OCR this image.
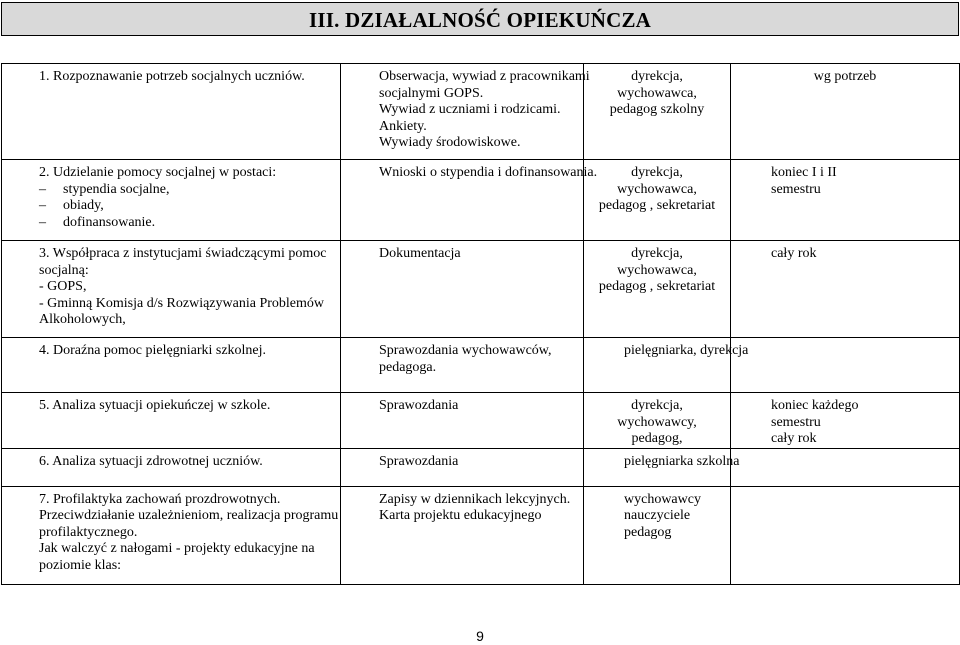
III. DZIAŁALNOŚĆ OPIEKUŃCZA
1. Rozpoznawanie potrzeb socjalnych uczniów.	Obserwacja, wywiad z pracownikami
socjalnymi GOPS.
Wywiad z uczniami i rodzicami.
Ankiety.
Wywiady środowiskowe.	dyrekcja,
wychowawca,
pedagog szkolny	wg potrzeb

2. Udzielanie pomocy socjalnej w postaci:
– stypendia socjalne,
– obiady,
– dofinansowanie.	Wnioski o stypendia i dofinansowania.	dyrekcja,
wychowawca,
pedagog , sekretariat	koniec I i II
semestru

3. Współpraca z instytucjami świadczącymi pomoc
socjalną:
- GOPS,
- Gminną Komisja d/s Rozwiązywania Problemów
Alkoholowych,	Dokumentacja	dyrekcja,
wychowawca,
pedagog , sekretariat	cały rok

4. Doraźna pomoc pielęgniarki szkolnej.	Sprawozdania wychowawców,
pedagoga.	pielęgniarka, dyrekcja	

5. Analiza sytuacji opiekuńczej w szkole.	Sprawozdania	dyrekcja,
wychowawcy,
pedagog,	koniec każdego
semestru
cały rok

6. Analiza sytuacji zdrowotnej uczniów.	Sprawozdania	pielęgniarka szkolna	

7. Profilaktyka zachowań prozdrowotnych.
Przeciwdziałanie uzależnieniom, realizacja programu
profilaktycznego.
Jak walczyć z nałogami - projekty edukacyjne na
poziomie klas:	Zapisy w dziennikach lekcyjnych.
Karta projektu edukacyjnego	wychowawcy
nauczyciele
pedagog	

9
